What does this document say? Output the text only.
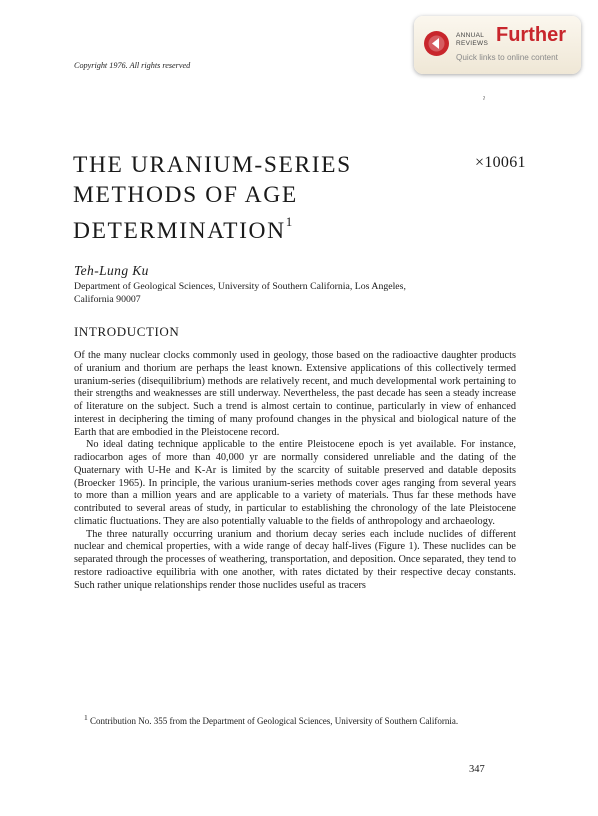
Copyright 1976. All rights reserved
ANNUAL
REVIEWS Further
Quick links to online content
ˀ
THE URANIUM-SERIES
METHODS OF AGE
$DETERMINATION^1$
×10061
Teh-Lung Ku
Department of Geological Sciences, University of Southern California, Los Angeles,
California 90007
INTRODUCTION

Of the many nuclear clocks commonly used in geology, those based on the radioactive daughter products of uranium and thorium are perhaps the least known. Extensive applications of this collectively termed uranium-series (disequilibrium) methods are relatively recent, and much developmental work pertaining to their strengths and weaknesses are still underway. Nevertheless, the past decade has seen a steady increase of literature on the subject. Such a trend is almost certain to continue, particularly in view of enhanced interest in deciphering the timing of many profound changes in the physical and biological nature of the Earth that are embodied in the Pleistocene record.

No ideal dating technique applicable to the entire Pleistocene epoch is yet available. For instance, radiocarbon ages of more than 40,000 yr are normally considered unreliable and the dating of the Quaternary with U-He and K-Ar is limited by the scarcity of suitable preserved and datable deposits (Broecker 1965). In principle, the various uranium-series methods cover ages ranging from several years to more than a million years and are applicable to a variety of materials. Thus far these methods have contributed to several areas of study, in particular to establishing the chronology of the late Pleistocene climatic fluctuations. They are also potentially valuable to the fields of anthropology and archaeology.

The three naturally occurring uranium and thorium decay series each include nuclides of different nuclear and chemical properties, with a wide range of decay half-lives (Figure 1). These nuclides can be separated through the processes of weathering, transportation, and deposition. Once separated, they tend to restore radioactive equilibria with one another, with rates dictated by their respective decay constants. Such rather unique relationships render those nuclides useful as tracers

$^1$ Contribution No. 355 from the Department of Geological Sciences, University of Southern California.
347
